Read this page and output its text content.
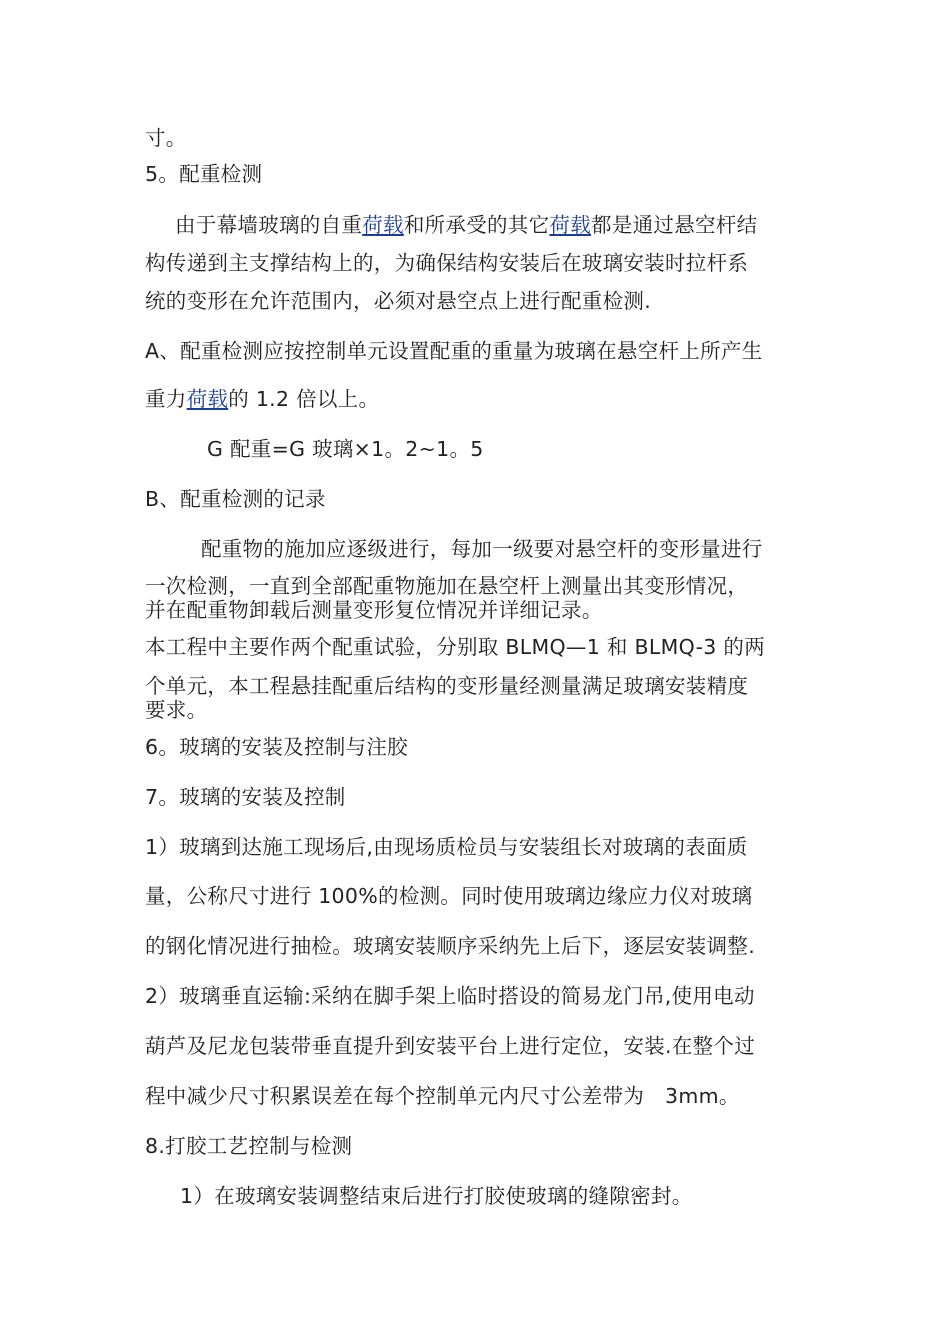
寸。
5。配重检测
由于幕墙玻璃的自重荷载和所承受的其它荷载都是通过悬空杆结
构传递到主支撑结构上的，为确保结构安装后在玻璃安装时拉杆系
统的变形在允许范围内，必须对悬空点上进行配重检测.
A、配重检测应按控制单元设置配重的重量为玻璃在悬空杆上所产生
重力荷载的 1.2 倍以上。
G 配重=G 玻璃×1。2~1。5
B、配重检测的记录
配重物的施加应逐级进行，每加一级要对悬空杆的变形量进行
一次检测，一直到全部配重物施加在悬空杆上测量出其变形情况，
并在配重物卸载后测量变形复位情况并详细记录。
本工程中主要作两个配重试验，分别取 BLMQ—1 和 BLMQ-3 的两
个单元，本工程悬挂配重后结构的变形量经测量满足玻璃安装精度
要求。
6。玻璃的安装及控制与注胶
7。玻璃的安装及控制
1）玻璃到达施工现场后,由现场质检员与安装组长对玻璃的表面质
量，公称尺寸进行 100%的检测。同时使用玻璃边缘应力仪对玻璃
的钢化情况进行抽检。玻璃安装顺序采纳先上后下，逐层安装调整.
2）玻璃垂直运输:采纳在脚手架上临时搭设的简易龙门吊,使用电动
葫芦及尼龙包装带垂直提升到安装平台上进行定位，安装.在整个过
程中减少尺寸积累误差在每个控制单元内尺寸公差带为　3mm。
8.打胶工艺控制与检测
1）在玻璃安装调整结束后进行打胶使玻璃的缝隙密封。
